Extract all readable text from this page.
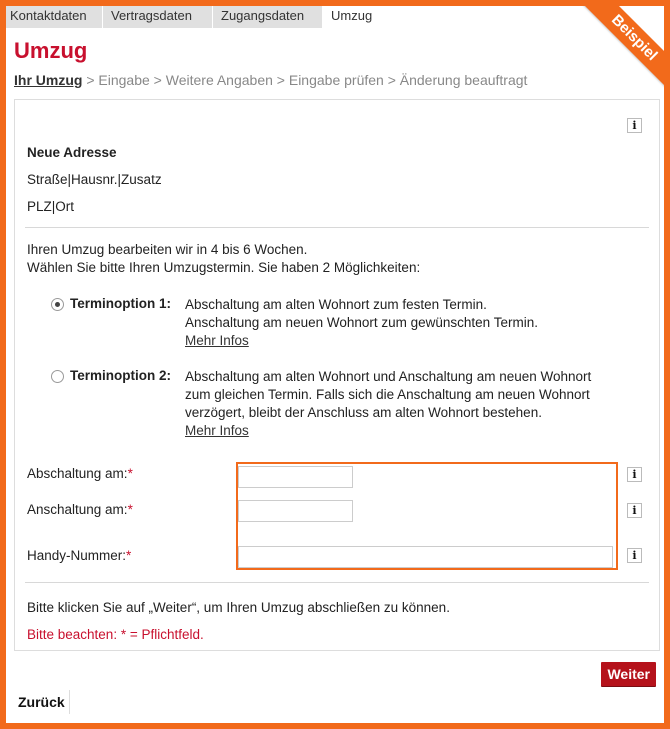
Kontaktdaten	Vertragsdaten	Zugangsdaten	Umzug	Beispiel
Umzug
Ihr Umzug > Eingabe > Weitere Angaben > Eingabe prüfen > Änderung beauftragt
i
Neue Adresse
Straße|Hausnr.|Zusatz
PLZ|Ort
Ihren Umzug bearbeiten wir in 4 bis 6 Wochen.
Wählen Sie bitte Ihren Umzugstermin. Sie haben 2 Möglichkeiten:
Terminoption 1: Abschaltung am alten Wohnort zum festen Termin.
Anschaltung am neuen Wohnort zum gewünschten Termin.
Mehr Infos
Terminoption 2: Abschaltung am alten Wohnort und Anschaltung am neuen Wohnort
zum gleichen Termin. Falls sich die Anschaltung am neuen Wohnort
verzögert, bleibt der Anschluss am alten Wohnort bestehen.
Mehr Infos
Abschaltung am:*
Anschaltung am:*
Handy-Nummer:*
i
i
i
Bitte klicken Sie auf „Weiter“, um Ihren Umzug abschließen zu können.
Bitte beachten: * = Pflichtfeld.
Weiter
Zurück
